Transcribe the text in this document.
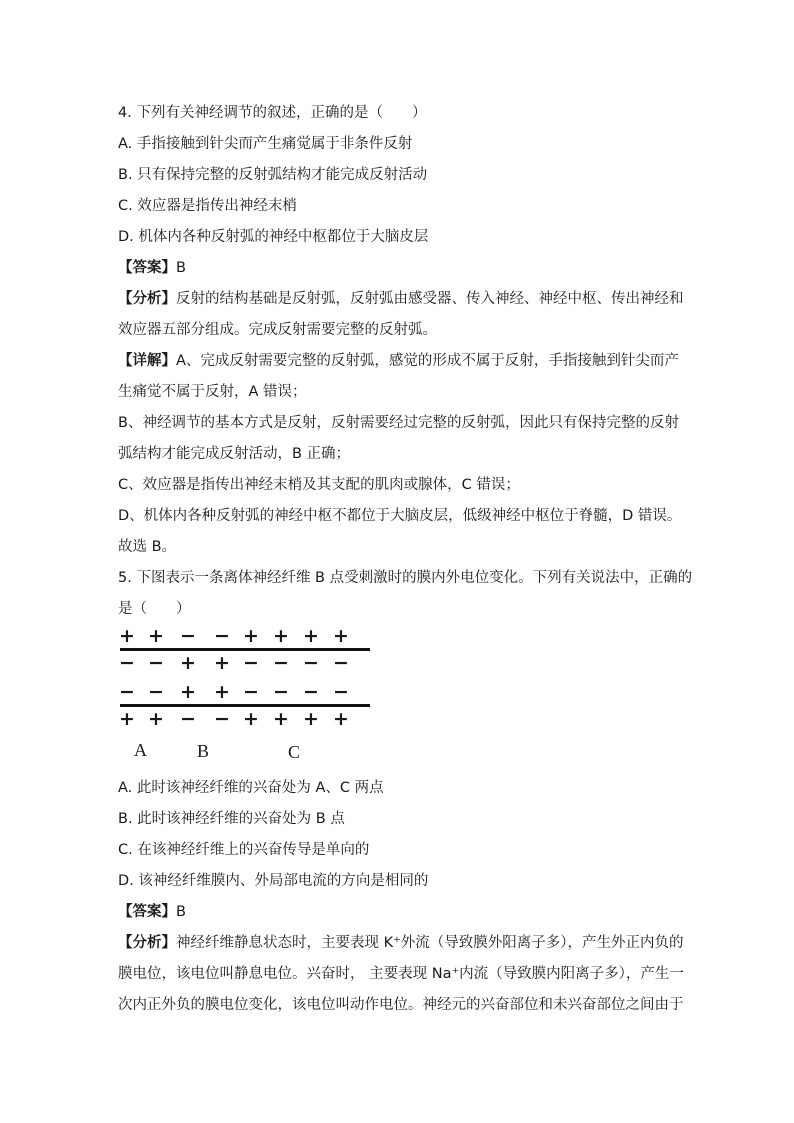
4. 下列有关神经调节的叙述，正确的是（　　）

A. 手指接触到针尖而产生痛觉属于非条件反射

B. 只有保持完整的反射弧结构才能完成反射活动

C. 效应器是指传出神经末梢

D. 机体内各种反射弧的神经中枢都位于大脑皮层

【答案】B

【分析】反射的结构基础是反射弧，反射弧由感受器、传入神经、神经中枢、传出神经和

效应器五部分组成。完成反射需要完整的反射弧。

【详解】A、完成反射需要完整的反射弧，感觉的形成不属于反射，手指接触到针尖而产

生痛觉不属于反射，A 错误；

B、神经调节的基本方式是反射，反射需要经过完整的反射弧，因此只有保持完整的反射

弧结构才能完成反射活动，B 正确；

C、效应器是指传出神经末梢及其支配的肌肉或腺体，C 错误；

D、机体内各种反射弧的神经中枢不都位于大脑皮层，低级神经中枢位于脊髓，D 错误。

故选 B。

5. 下图表示一条离体神经纤维 B 点受刺激时的膜内外电位变化。下列有关说法中，正确的

是（　　）

+ + − − + + + +
− − + + − − − −
− − + + − − − −
+ + − − + + + +
A	B	C

A. 此时该神经纤维的兴奋处为 A、C 两点

B. 此时该神经纤维的兴奋处为 B 点

C. 在该神经纤维上的兴奋传导是单向的

D. 该神经纤维膜内、外局部电流的方向是相同的

【答案】B

【分析】神经纤维静息状态时，主要表现 K⁺外流（导致膜外阳离子多），产生外正内负的

膜电位，该电位叫静息电位。兴奋时， 主要表现 Na⁺内流（导致膜内阳离子多），产生一

次内正外负的膜电位变化，该电位叫动作电位。神经元的兴奋部位和未兴奋部位之间由于
